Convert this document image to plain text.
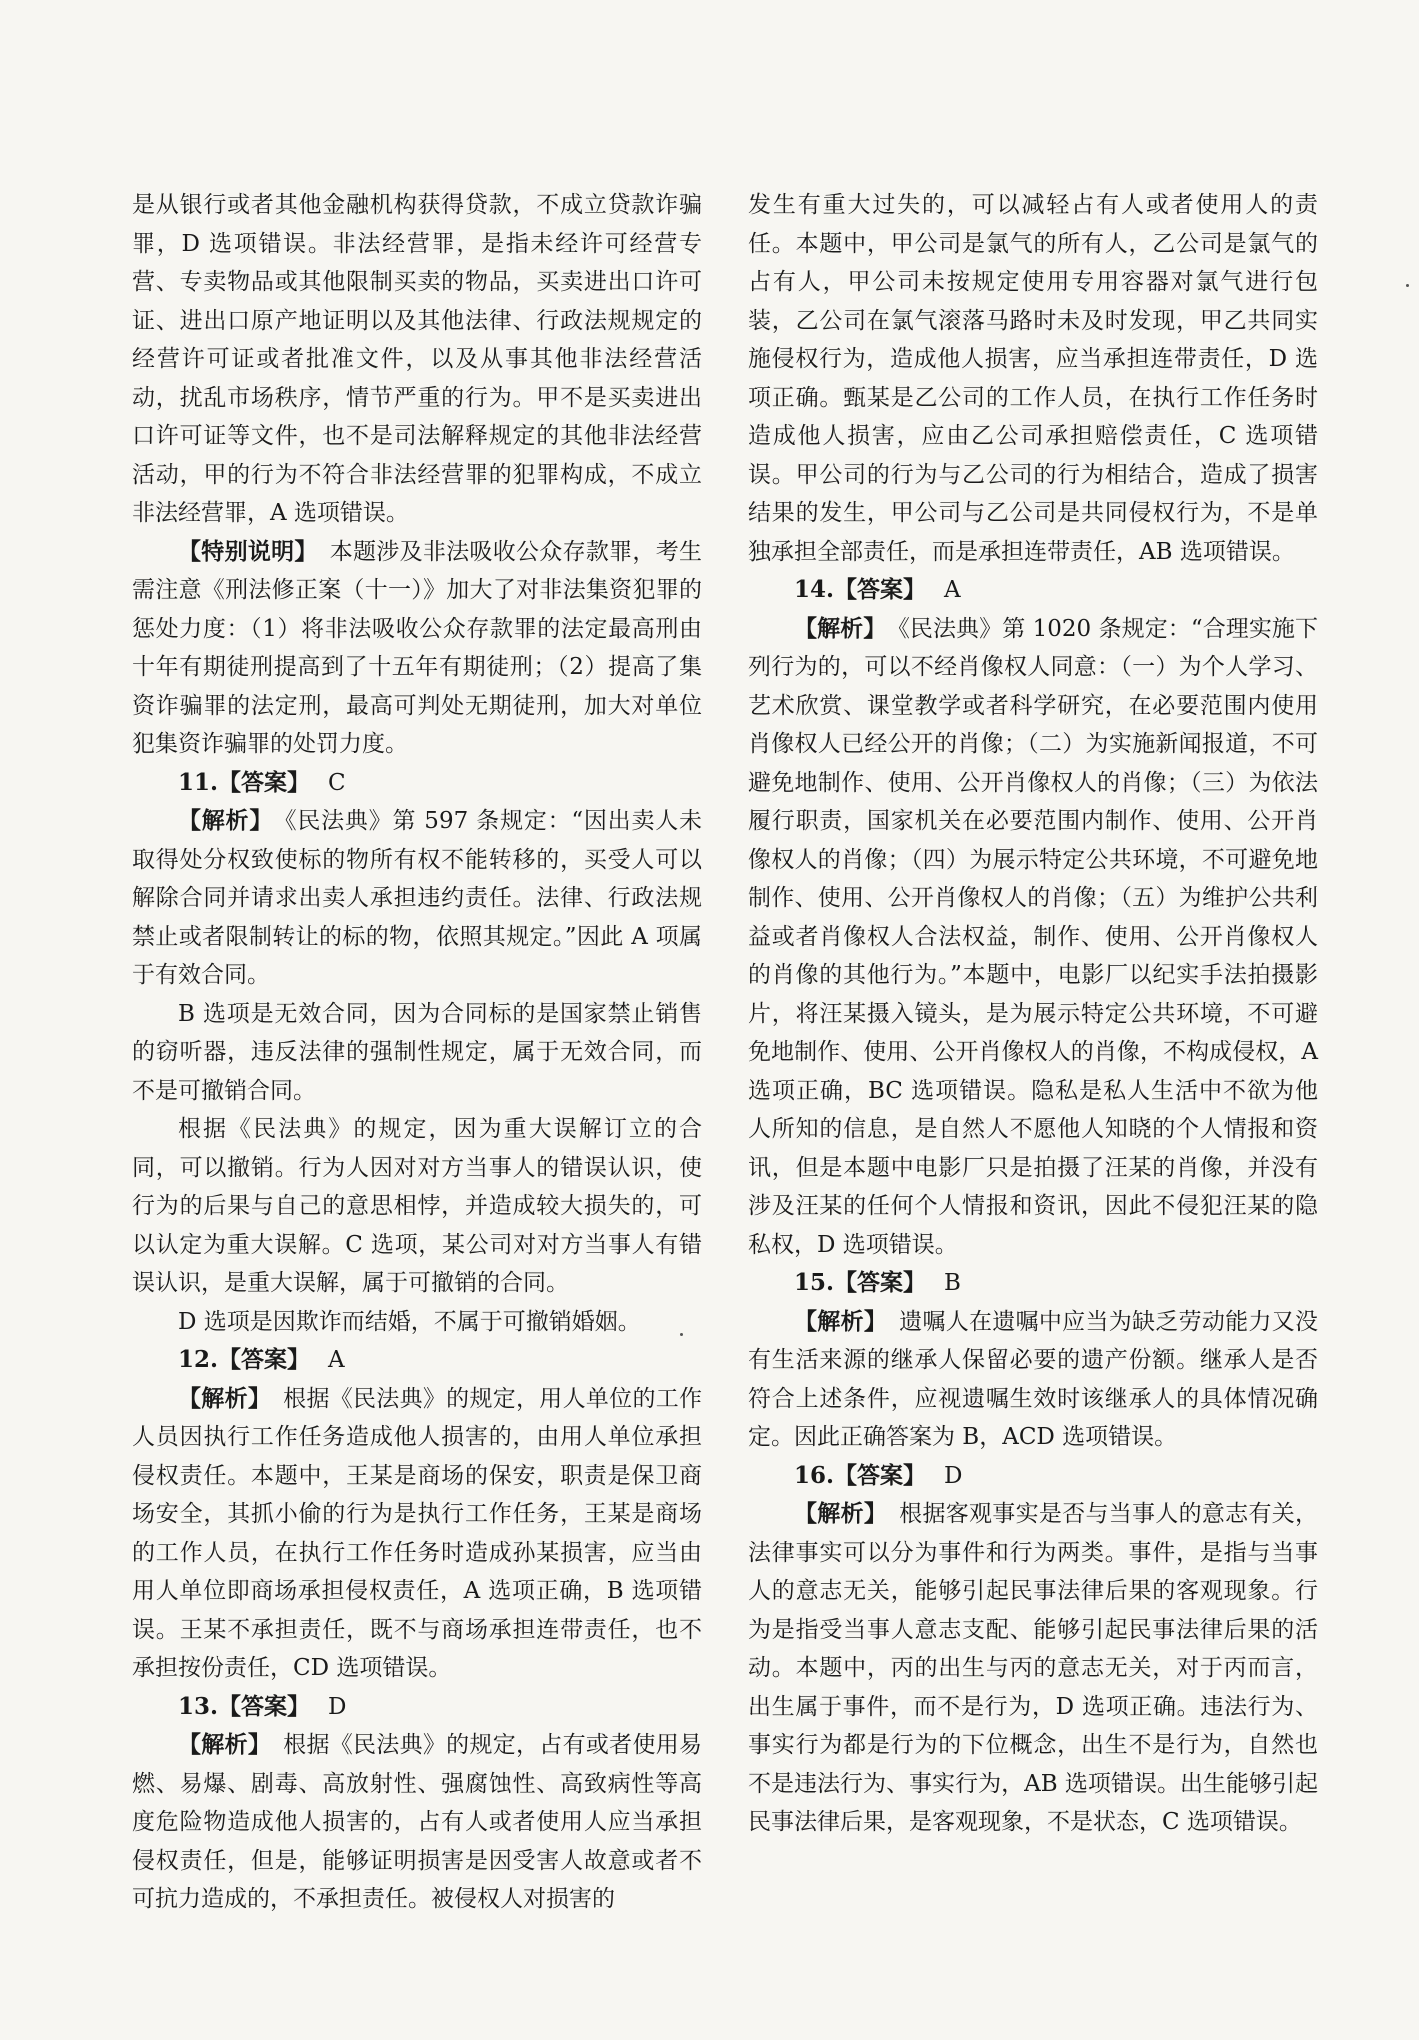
是从银行或者其他金融机构获得贷款，不成立贷款诈骗罪，D 选项错误。非法经营罪，是指未经许可经营专营、专卖物品或其他限制买卖的物品，买卖进出口许可证、进出口原产地证明以及其他法律、行政法规规定的经营许可证或者批准文件，以及从事其他非法经营活动，扰乱市场秩序，情节严重的行为。甲不是买卖进出口许可证等文件，也不是司法解释规定的其他非法经营活动，甲的行为不符合非法经营罪的犯罪构成，不成立非法经营罪，A 选项错误。

【特别说明】 本题涉及非法吸收公众存款罪，考生需注意《刑法修正案（十一）》加大了对非法集资犯罪的惩处力度：（1）将非法吸收公众存款罪的法定最高刑由十年有期徒刑提高到了十五年有期徒刑；（2）提高了集资诈骗罪的法定刑，最高可判处无期徒刑，加大对单位犯集资诈骗罪的处罚力度。

11.【答案】 C

【解析】 《民法典》第 597 条规定：“因出卖人未取得处分权致使标的物所有权不能转移的，买受人可以解除合同并请求出卖人承担违约责任。法律、行政法规禁止或者限制转让的标的物，依照其规定。”因此 A 项属于有效合同。

B 选项是无效合同，因为合同标的是国家禁止销售的窃听器，违反法律的强制性规定，属于无效合同，而不是可撤销合同。

根据《民法典》的规定，因为重大误解订立的合同，可以撤销。行为人因对对方当事人的错误认识，使行为的后果与自己的意思相悖，并造成较大损失的，可以认定为重大误解。C 选项，某公司对对方当事人有错误认识，是重大误解，属于可撤销的合同。

D 选项是因欺诈而结婚，不属于可撤销婚姻。

12.【答案】 A

【解析】 根据《民法典》的规定，用人单位的工作人员因执行工作任务造成他人损害的，由用人单位承担侵权责任。本题中，王某是商场的保安，职责是保卫商场安全，其抓小偷的行为是执行工作任务，王某是商场的工作人员，在执行工作任务时造成孙某损害，应当由用人单位即商场承担侵权责任，A 选项正确，B 选项错误。王某不承担责任，既不与商场承担连带责任，也不承担按份责任，CD 选项错误。

13.【答案】 D

【解析】 根据《民法典》的规定，占有或者使用易燃、易爆、剧毒、高放射性、强腐蚀性、高致病性等高度危险物造成他人损害的，占有人或者使用人应当承担侵权责任，但是，能够证明损害是因受害人故意或者不可抗力造成的，不承担责任。被侵权人对损害的

发生有重大过失的，可以减轻占有人或者使用人的责任。本题中，甲公司是氯气的所有人，乙公司是氯气的占有人，甲公司未按规定使用专用容器对氯气进行包装，乙公司在氯气滚落马路时未及时发现，甲乙共同实施侵权行为，造成他人损害，应当承担连带责任，D 选项正确。甄某是乙公司的工作人员，在执行工作任务时造成他人损害，应由乙公司承担赔偿责任，C 选项错误。甲公司的行为与乙公司的行为相结合，造成了损害结果的发生，甲公司与乙公司是共同侵权行为，不是单独承担全部责任，而是承担连带责任，AB 选项错误。

14.【答案】 A

【解析】 《民法典》第 1020 条规定：“合理实施下列行为的，可以不经肖像权人同意：（一）为个人学习、艺术欣赏、课堂教学或者科学研究，在必要范围内使用肖像权人已经公开的肖像；（二）为实施新闻报道，不可避免地制作、使用、公开肖像权人的肖像；（三）为依法履行职责，国家机关在必要范围内制作、使用、公开肖像权人的肖像；（四）为展示特定公共环境，不可避免地制作、使用、公开肖像权人的肖像；（五）为维护公共利益或者肖像权人合法权益，制作、使用、公开肖像权人的肖像的其他行为。”本题中，电影厂以纪实手法拍摄影片，将汪某摄入镜头，是为展示特定公共环境，不可避免地制作、使用、公开肖像权人的肖像，不构成侵权，A 选项正确，BC 选项错误。隐私是私人生活中不欲为他人所知的信息，是自然人不愿他人知晓的个人情报和资讯，但是本题中电影厂只是拍摄了汪某的肖像，并没有涉及汪某的任何个人情报和资讯，因此不侵犯汪某的隐私权，D 选项错误。

15.【答案】 B

【解析】 遗嘱人在遗嘱中应当为缺乏劳动能力又没有生活来源的继承人保留必要的遗产份额。继承人是否符合上述条件，应视遗嘱生效时该继承人的具体情况确定。因此正确答案为 B，ACD 选项错误。

16.【答案】 D

【解析】 根据客观事实是否与当事人的意志有关，法律事实可以分为事件和行为两类。事件，是指与当事人的意志无关，能够引起民事法律后果的客观现象。行为是指受当事人意志支配、能够引起民事法律后果的活动。本题中，丙的出生与丙的意志无关，对于丙而言，出生属于事件，而不是行为，D 选项正确。违法行为、事实行为都是行为的下位概念，出生不是行为，自然也不是违法行为、事实行为，AB 选项错误。出生能够引起民事法律后果，是客观现象，不是状态，C 选项错误。
